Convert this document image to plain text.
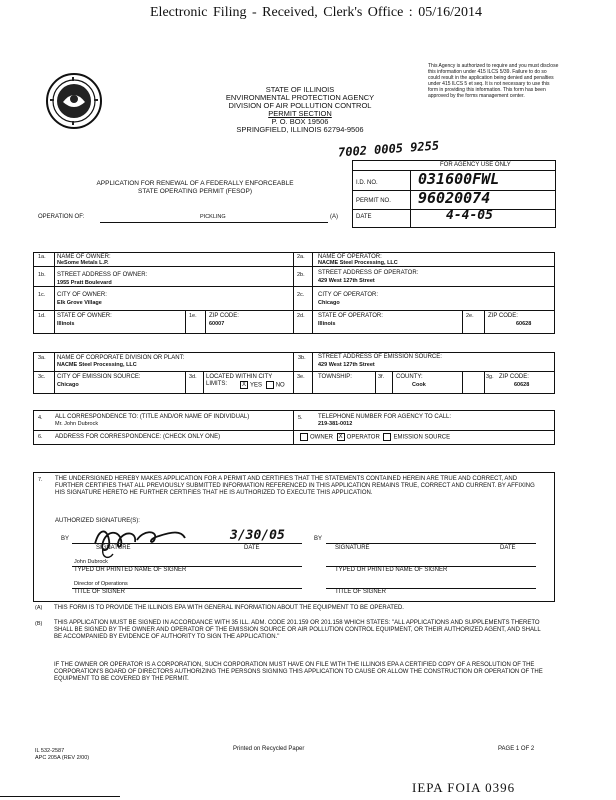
Electronic Filing - Received, Clerk's Office : 05/16/2014
This Agency is authorized to require and you must disclose this information under 415 ILCS 5/39. Failure to do so could result in the application being denied and penalties under 415 ILCS 5 et seq. It is not necessary to use this form in providing this information. This form has been approved by the forms management center.
STATE OF ILLINOIS
ENVIRONMENTAL PROTECTION AGENCY
DIVISION OF AIR POLLUTION CONTROL
PERMIT SECTION
P. O. BOX 19506
SPRINGFIELD, ILLINOIS 62794-9506
7002 0005 9255
APPLICATION FOR RENEWAL OF A FEDERALLY ENFORCEABLE
STATE OPERATING PERMIT (FESOP)
OPERATION OF:	PICKLING	(A)
FOR AGENCY USE ONLY
I.D. NO.	031600FWL
PERMIT NO. 96020074
DATE	4-4-05
1a. NAME OF OWNER:
NeSome Metals L.P.
1b. STREET ADDRESS OF OWNER:
1955 Pratt Boulevard
1c. CITY OF OWNER:
Elk Grove Village
1d. STATE OF OWNER:
Illinois
1e. ZIP CODE:
60007
2a. NAME OF OPERATOR:
NACME Steel Processing, LLC
2b. STREET ADDRESS OF OPERATOR:
429 West 127th Street
2c. CITY OF OPERATOR:
Chicago
2d. STATE OF OPERATOR:
Illinois
2e. ZIP CODE:
60628
3a. NAME OF CORPORATE DIVISION OR PLANT:
NACME Steel Processing, LLC
3b. STREET ADDRESS OF EMISSION SOURCE:
429 West 127th Street
3c. CITY OF EMISSION SOURCE:
Chicago
3d. LOCATED WITHIN CITY LIMITS:	X YES NO
3e. TOWNSHIP:	3f. COUNTY:
Cook
3g. ZIP CODE:
60628
4. ALL CORRESPONDENCE TO: (TITLE AND/OR NAME OF INDIVIDUAL)
Mr. John Dubrock
5.	TELEPHONE NUMBER FOR AGENCY TO CALL:
219-381-0012
6. ADDRESS FOR CORRESPONDENCE: (CHECK ONLY ONE)	OWNER X OPERATOR EMISSION SOURCE
7. THE UNDERSIGNED HEREBY MAKES APPLICATION FOR A PERMIT AND CERTIFIES THAT THE STATEMENTS CONTAINED HEREIN ARE TRUE AND CORRECT, AND FURTHER CERTIFIES THAT ALL PREVIOUSLY SUBMITTED INFORMATION REFERENCED IN THIS APPLICATION REMAINS TRUE, CORRECT AND CURRENT. BY AFFIXING HIS SIGNATURE HERETO HE FURTHER CERTIFIES THAT HE IS AUTHORIZED TO EXECUTE THIS APPLICATION.
AUTHORIZED SIGNATURE(S):
BY	3/30/05
SIGNATURE	DATE
BY
SIGNATURE	DATE
John Dubrock
TYPED OR PRINTED NAME OF SIGNER	TYPED OR PRINTED NAME OF SIGNER
Director of Operations
TITLE OF SIGNER	TITLE OF SIGNER
(A) THIS FORM IS TO PROVIDE THE ILLINOIS EPA WITH GENERAL INFORMATION ABOUT THE EQUIPMENT TO BE OPERATED.
(B) THIS APPLICATION MUST BE SIGNED IN ACCORDANCE WITH 35 ILL. ADM. CODE 201.159 OR 201.158 WHICH STATES: "ALL APPLICATIONS AND SUPPLEMENTS THERETO SHALL BE SIGNED BY THE OWNER AND OPERATOR OF THE EMISSION SOURCE OR AIR POLLUTION CONTROL EQUIPMENT, OR THEIR AUTHORIZED AGENT, AND SHALL BE ACCOMPANIED BY EVIDENCE OF AUTHORITY TO SIGN THE APPLICATION."
IF THE OWNER OR OPERATOR IS A CORPORATION, SUCH CORPORATION MUST HAVE ON FILE WITH THE ILLINOIS EPA A CERTIFIED COPY OF A RESOLUTION OF THE CORPORATION'S BOARD OF DIRECTORS AUTHORIZING THE PERSONS SIGNING THIS APPLICATION TO CAUSE OR ALLOW THE CONSTRUCTION OR OPERATION OF THE EQUIPMENT TO BE COVERED BY THE PERMIT.
IL 532-2587
APC 205A (REV 2/00)
Printed on Recycled Paper	PAGE 1 OF 2
IEPA FOIA 0396
